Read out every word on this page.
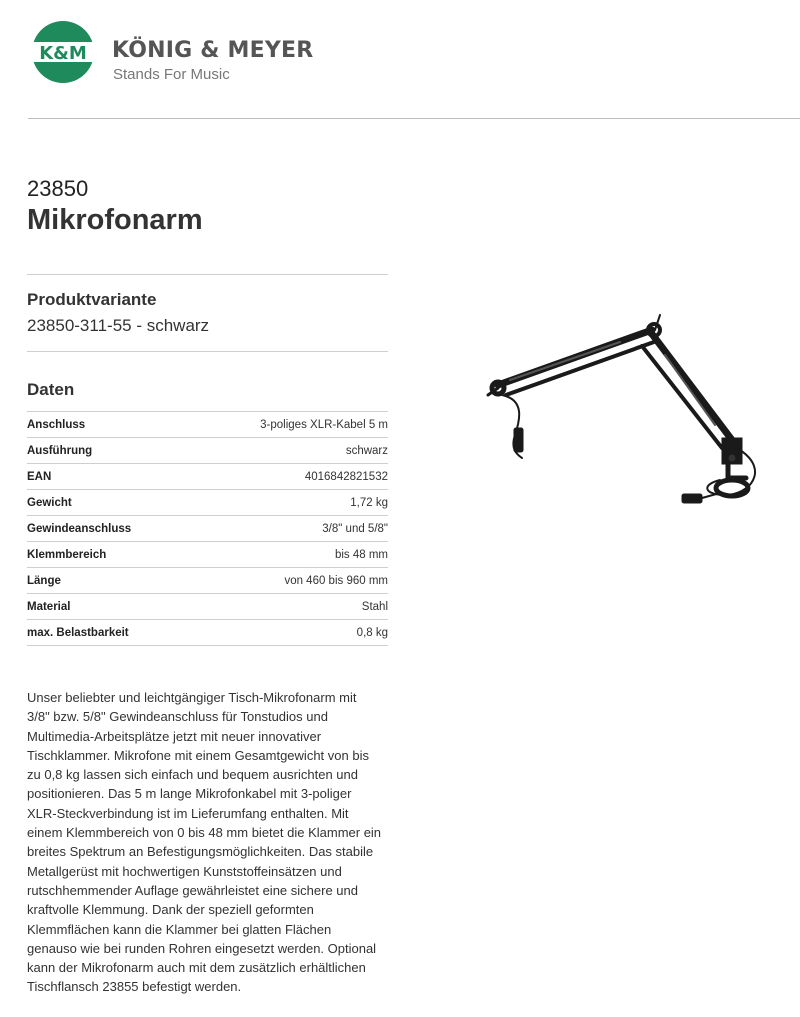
K&M KÖNIG & MEYER
Stands For Music
23850
Mikrofonarm
Produktvariante
23850-311-55 - schwarz
Daten
Anschluss	3-poliges XLR-Kabel 5 m
Ausführung	schwarz
EAN	4016842821532
Gewicht	1,72 kg
Gewindeanschluss	3/8" und 5/8"
Klemmbereich	bis 48 mm
Länge	von 460 bis 960 mm
Material	Stahl
max. Belastbarkeit	0,8 kg

Unser beliebter und leichtgängiger Tisch-Mikrofonarm mit
3/8" bzw. 5/8" Gewindeanschluss für Tonstudios und
Multimedia-Arbeitsplätze jetzt mit neuer innovativer
Tischklammer. Mikrofone mit einem Gesamtgewicht von bis
zu 0,8 kg lassen sich einfach und bequem ausrichten und
positionieren. Das 5 m lange Mikrofonkabel mit 3-poliger
XLR-Steckverbindung ist im Lieferumfang enthalten. Mit
einem Klemmbereich von 0 bis 48 mm bietet die Klammer ein
breites Spektrum an Befestigungsmöglichkeiten. Das stabile
Metallgerüst mit hochwertigen Kunststoffeinsätzen und
rutschhemmender Auflage gewährleistet eine sichere und
kraftvolle Klemmung. Dank der speziell geformten
Klemmflächen kann die Klammer bei glatten Flächen
genauso wie bei runden Rohren eingesetzt werden. Optional
kann der Mikrofonarm auch mit dem zusätzlich erhältlichen
Tischflansch 23855 befestigt werden.
